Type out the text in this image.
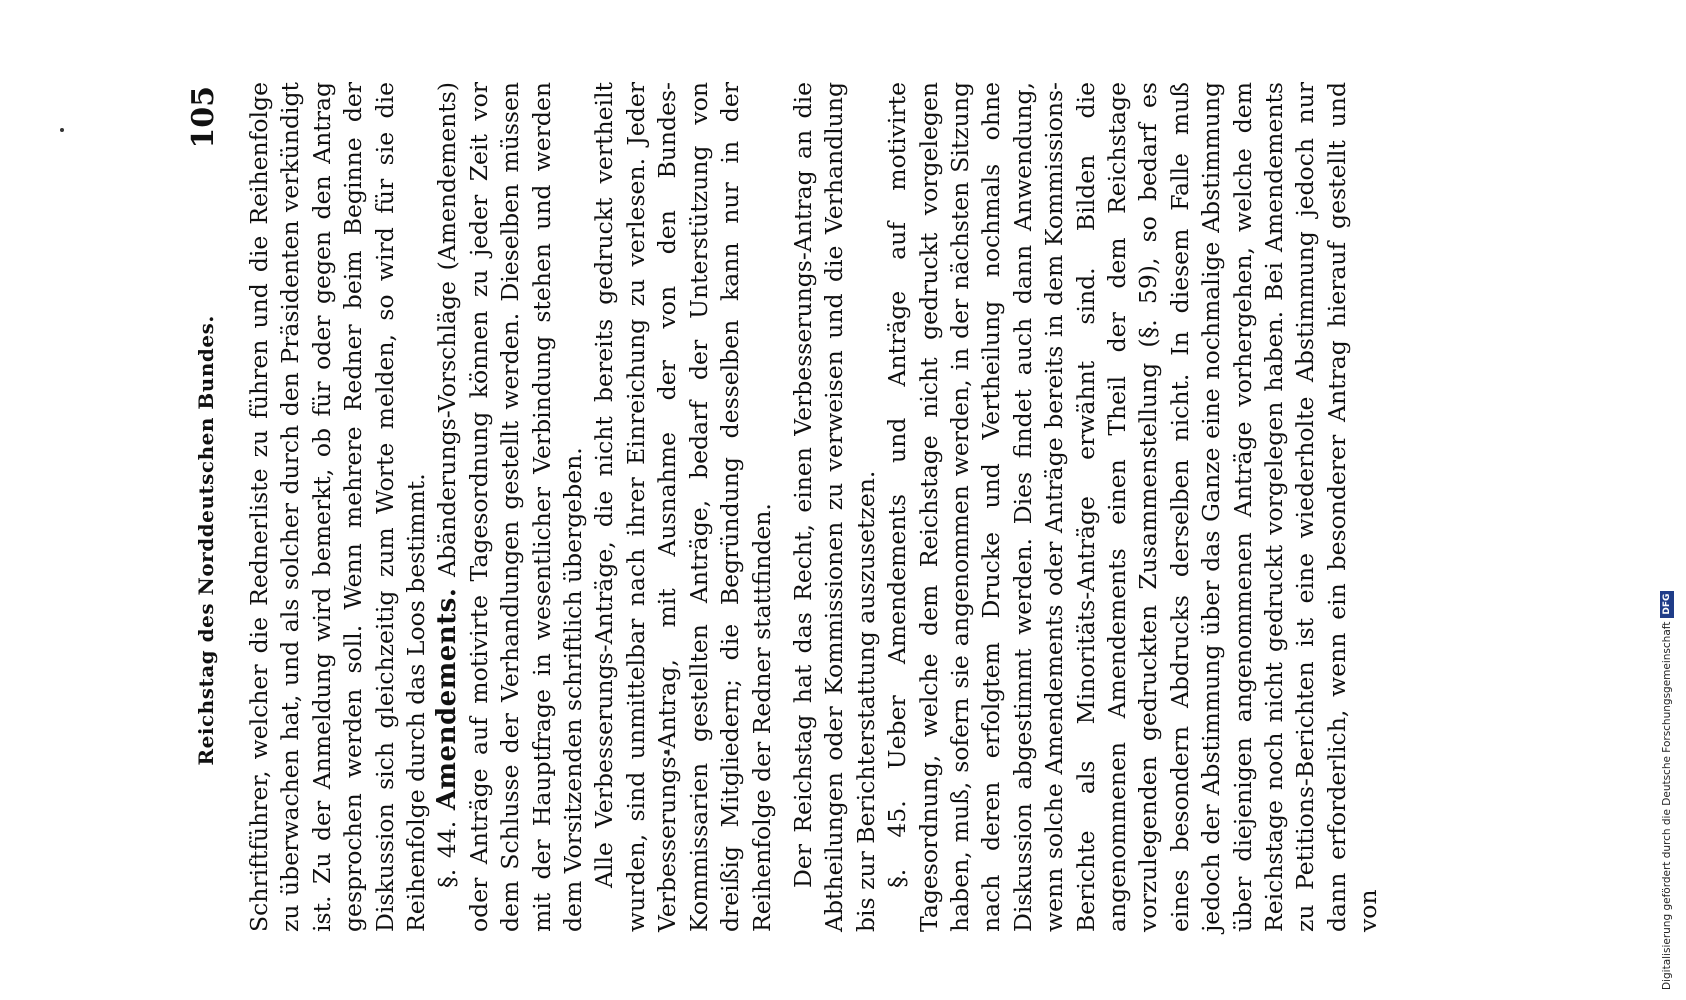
Reichstag des Norddeutschen Bundes.
105 Schriftführer, welcher die Rednerliste zu führen und die Reihenfolge zu überwachen hat, und als solcher durch den Präsidenten verkündigt ist. Zu der Anmeldung wird bemerkt, ob für oder gegen den Antrag gesprochen werden soll. Wenn mehrere Redner beim Beginne der Diskussion sich gleichzeitig zum Worte melden, so wird für sie die Reihenfolge durch das Loos bestimmt. §. 44. Amendements. Abänderungs-Vorschläge (Amendements) oder Anträge auf motivirte Tagesordnung können zu jeder Zeit vor dem Schlusse der Verhandlungen gestellt werden. Dieselben müssen mit der Hauptfrage in wesentlicher Verbindung stehen und werden dem Vorsitzenden schriftlich übergeben. Alle Verbesserungs-Anträge, die nicht bereits gedruckt vertheilt wurden, sind unmittelbar nach ihrer Einreichung zu verlesen. Jeder Verbesserungs-Antrag, mit Ausnahme der von den Bundes-Kommissarien gestellten Anträge, bedarf der Unterstützung von dreißig Mitgliedern; die Begründung desselben kann nur in der Reihenfolge der Redner stattfinden. Der Reichstag hat das Recht, einen Verbesserungs-Antrag an die Abtheilungen oder Kommissionen zu verweisen und die Verhandlung bis zur Berichterstattung auszusetzen. §. 45. Ueber Amendements und Anträge auf motivirte Tagesordnung, welche dem Reichstage nicht gedruckt vorgelegen haben, muß, sofern sie angenommen werden, in der nächsten Sitzung nach deren erfolgtem Drucke und Vertheilung nochmals ohne Diskussion abgestimmt werden. Dies findet auch dann Anwendung, wenn solche Amendements oder Anträge bereits in dem Kommissions-Berichte als Minoritäts-Anträge erwähnt sind. Bilden die angenommenen Amendements einen Theil der dem Reichstage vorzulegenden gedruckten Zusammenstellung (§. 59), so bedarf es eines besondern Abdrucks derselben nicht. In diesem Falle muß jedoch der Abstimmung über das Ganze eine nochmalige Abstimmung über diejenigen angenommenen Anträge vorhergehen, welche dem Reichstage noch nicht gedruckt vorgelegen haben. Bei Amendements zu Petitions-Berichten ist eine wiederholte Abstimmung jedoch nur dann erforderlich, wenn ein besonderer Antrag hierauf gestellt und von	Digitalisierung gefördert durch die Deutsche Forschungsgemeinschaft
DFG
